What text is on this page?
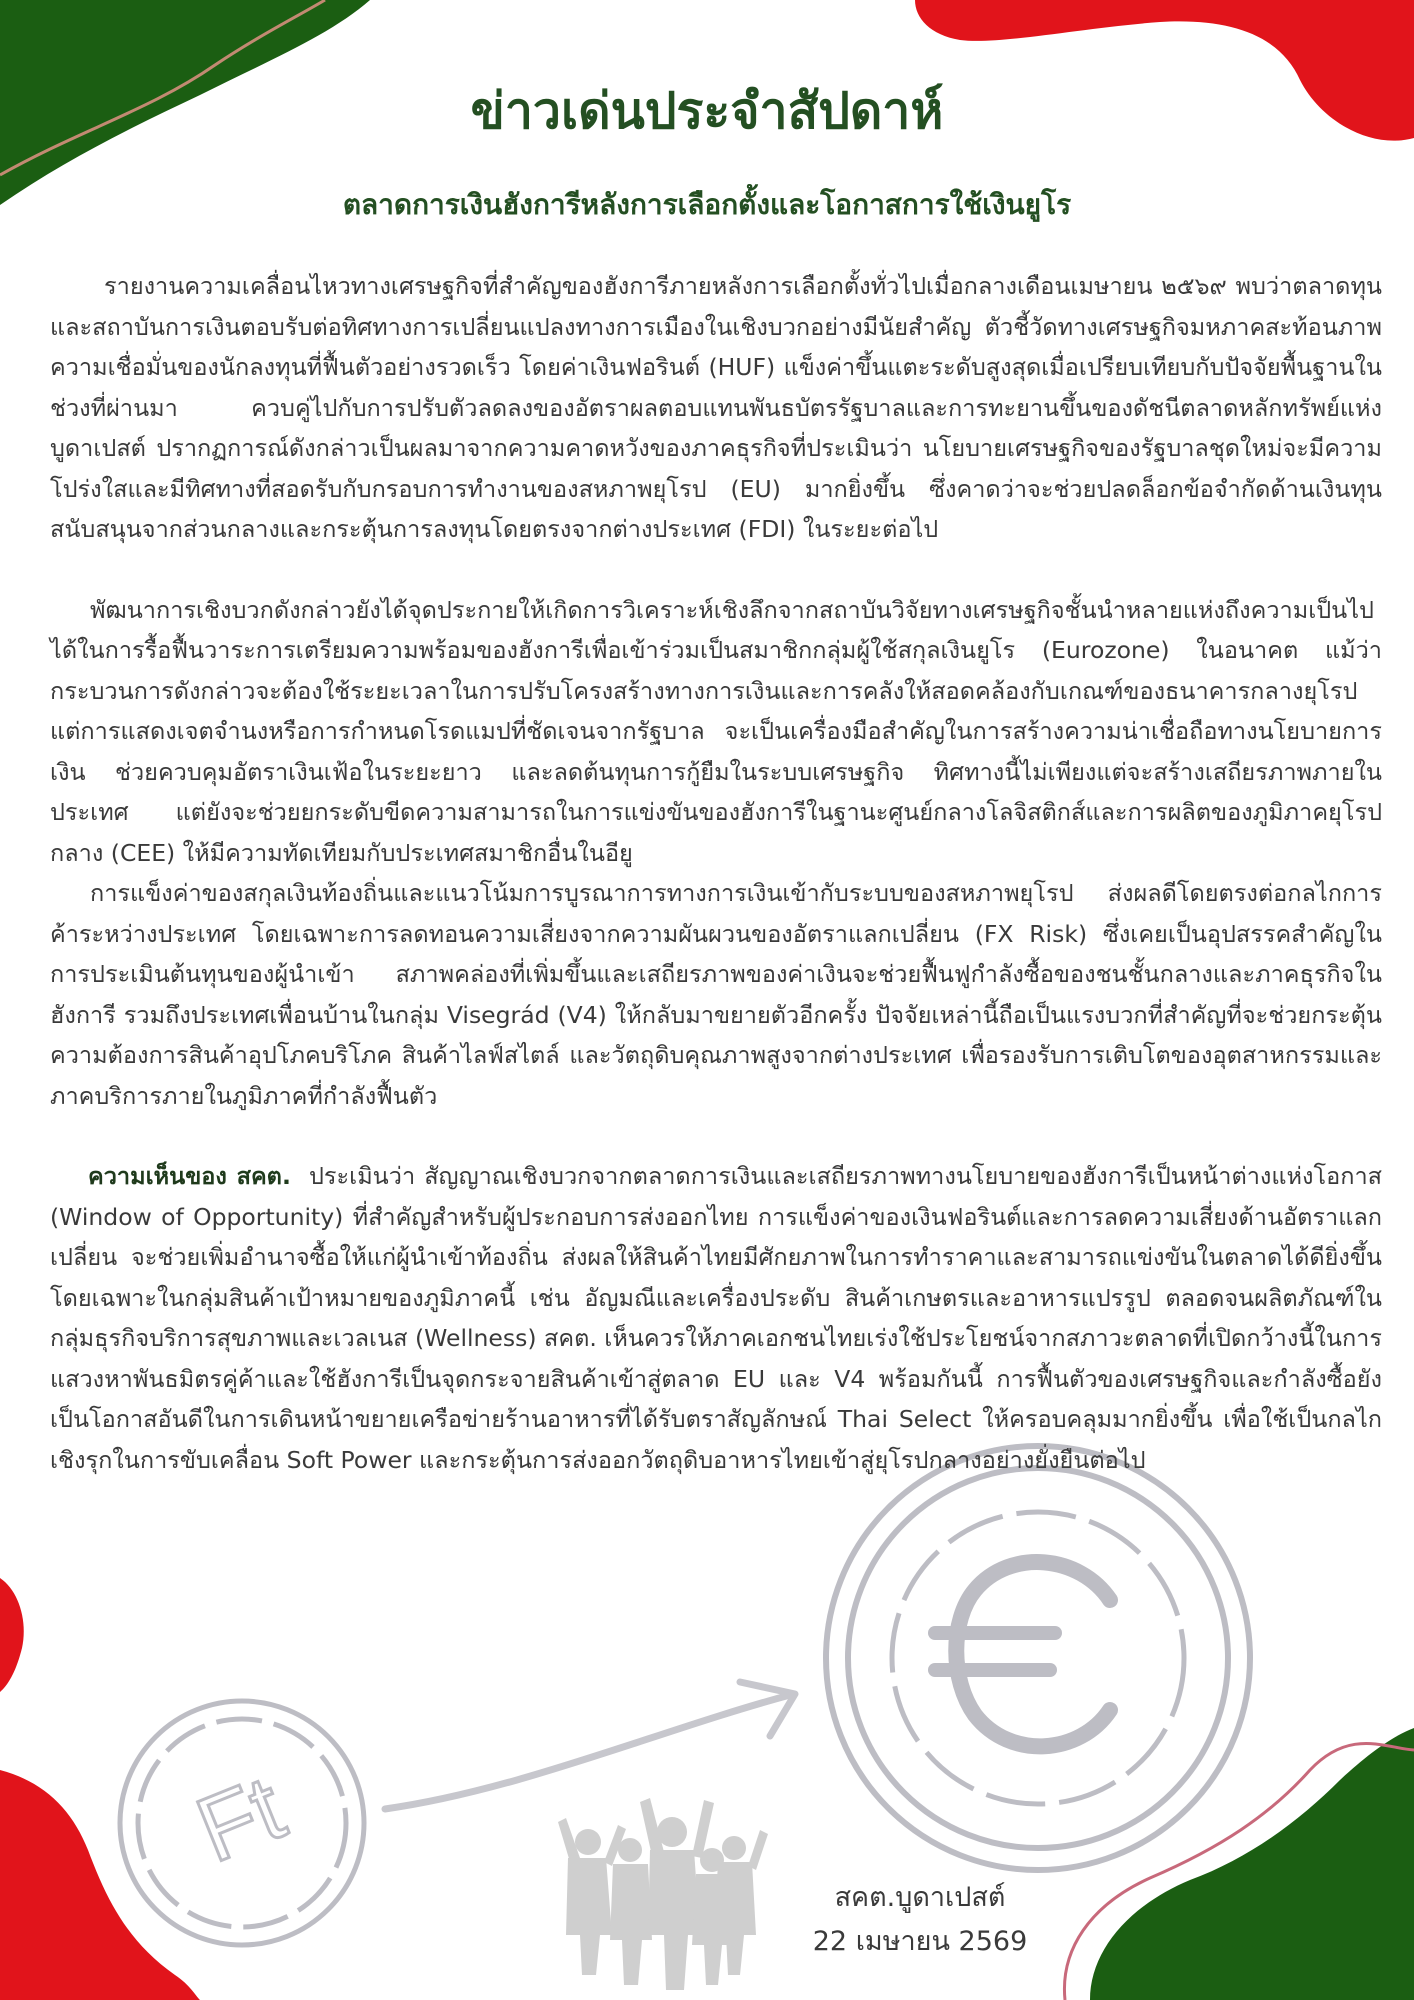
Ft
ข่าวเด่นประจำสัปดาห์
ตลาดการเงินฮังการีหลังการเลือกตั้งและโอกาสการใช้เงินยูโร

รายงานความเคลื่อนไหวทางเศรษฐกิจที่สำคัญของฮังการีภายหลังการเลือกตั้งทั่วไปเมื่อกลางเดือนเมษายน ๒๕๖๙ พบว่าตลาดทุนและสถาบันการเงินตอบรับต่อทิศทางการเปลี่ยนแปลงทางการเมืองในเชิงบวกอย่างมีนัยสำคัญ ตัวชี้วัดทางเศรษฐกิจมหภาคสะท้อนภาพความเชื่อมั่นของนักลงทุนที่ฟื้นตัวอย่างรวดเร็ว โดยค่าเงินฟอรินต์ (HUF) แข็งค่าขึ้นแตะระดับสูงสุดเมื่อเปรียบเทียบกับปัจจัยพื้นฐานในช่วงที่ผ่านมา ควบคู่ไปกับการปรับตัวลดลงของอัตราผลตอบแทนพันธบัตรรัฐบาลและการทะยานขึ้นของดัชนีตลาดหลักทรัพย์แห่งบูดาเปสต์ ปรากฏการณ์ดังกล่าวเป็นผลมาจากความคาดหวังของภาคธุรกิจที่ประเมินว่า นโยบายเศรษฐกิจของรัฐบาลชุดใหม่จะมีความโปร่งใสและมีทิศทางที่สอดรับกับกรอบการทำงานของสหภาพยุโรป (EU) มากยิ่งขึ้น ซึ่งคาดว่าจะช่วยปลดล็อกข้อจำกัดด้านเงินทุนสนับสนุนจากส่วนกลางและกระตุ้นการลงทุนโดยตรงจากต่างประเทศ (FDI) ในระยะต่อไป

พัฒนาการเชิงบวกดังกล่าวยังได้จุดประกายให้เกิดการวิเคราะห์เชิงลึกจากสถาบันวิจัยทางเศรษฐกิจชั้นนำหลายแห่งถึงความเป็นไปได้ในการรื้อฟื้นวาระการเตรียมความพร้อมของฮังการีเพื่อเข้าร่วมเป็นสมาชิกกลุ่มผู้ใช้สกุลเงินยูโร (Eurozone) ในอนาคต แม้ว่ากระบวนการดังกล่าวจะต้องใช้ระยะเวลาในการปรับโครงสร้างทางการเงินและการคลังให้สอดคล้องกับเกณฑ์ของธนาคารกลางยุโรป แต่การแสดงเจตจำนงหรือการกำหนดโรดแมปที่ชัดเจนจากรัฐบาล จะเป็นเครื่องมือสำคัญในการสร้างความน่าเชื่อถือทางนโยบายการเงิน ช่วยควบคุมอัตราเงินเฟ้อในระยะยาว และลดต้นทุนการกู้ยืมในระบบเศรษฐกิจ ทิศทางนี้ไม่เพียงแต่จะสร้างเสถียรภาพภายในประเทศ แต่ยังจะช่วยยกระดับขีดความสามารถในการแข่งขันของฮังการีในฐานะศูนย์กลางโลจิสติกส์และการผลิตของภูมิภาคยุโรปกลาง (CEE) ให้มีความทัดเทียมกับประเทศสมาชิกอื่นในอียู

การแข็งค่าของสกุลเงินท้องถิ่นและแนวโน้มการบูรณาการทางการเงินเข้ากับระบบของสหภาพยุโรป ส่งผลดีโดยตรงต่อกลไกการค้าระหว่างประเทศ โดยเฉพาะการลดทอนความเสี่ยงจากความผันผวนของอัตราแลกเปลี่ยน (FX Risk) ซึ่งเคยเป็นอุปสรรคสำคัญในการประเมินต้นทุนของผู้นำเข้า สภาพคล่องที่เพิ่มขึ้นและเสถียรภาพของค่าเงินจะช่วยฟื้นฟูกำลังซื้อของชนชั้นกลางและภาคธุรกิจในฮังการี รวมถึงประเทศเพื่อนบ้านในกลุ่ม Visegrád (V4) ให้กลับมาขยายตัวอีกครั้ง ปัจจัยเหล่านี้ถือเป็นแรงบวกที่สำคัญที่จะช่วยกระตุ้นความต้องการสินค้าอุปโภคบริโภค สินค้าไลฟ์สไตล์ และวัตถุดิบคุณภาพสูงจากต่างประเทศ เพื่อรองรับการเติบโตของอุตสาหกรรมและภาคบริการภายในภูมิภาคที่กำลังฟื้นตัว

ความเห็นของ สคต. ประเมินว่า สัญญาณเชิงบวกจากตลาดการเงินและเสถียรภาพทางนโยบายของฮังการีเป็นหน้าต่างแห่งโอกาส (Window of Opportunity) ที่สำคัญสำหรับผู้ประกอบการส่งออกไทย การแข็งค่าของเงินฟอรินต์และการลดความเสี่ยงด้านอัตราแลกเปลี่ยน จะช่วยเพิ่มอำนาจซื้อให้แก่ผู้นำเข้าท้องถิ่น ส่งผลให้สินค้าไทยมีศักยภาพในการทำราคาและสามารถแข่งขันในตลาดได้ดียิ่งขึ้น โดยเฉพาะในกลุ่มสินค้าเป้าหมายของภูมิภาคนี้ เช่น อัญมณีและเครื่องประดับ สินค้าเกษตรและอาหารแปรรูป ตลอดจนผลิตภัณฑ์ในกลุ่มธุรกิจบริการสุขภาพและเวลเนส (Wellness) สคต. เห็นควรให้ภาคเอกชนไทยเร่งใช้ประโยชน์จากสภาวะตลาดที่เปิดกว้างนี้ในการแสวงหาพันธมิตรคู่ค้าและใช้ฮังการีเป็นจุดกระจายสินค้าเข้าสู่ตลาด EU และ V4 พร้อมกันนี้ การฟื้นตัวของเศรษฐกิจและกำลังซื้อยังเป็นโอกาสอันดีในการเดินหน้าขยายเครือข่ายร้านอาหารที่ได้รับตราสัญลักษณ์ Thai Select ให้ครอบคลุมมากยิ่งขึ้น เพื่อใช้เป็นกลไกเชิงรุกในการขับเคลื่อน Soft Power และกระตุ้นการส่งออกวัตถุดิบอาหารไทยเข้าสู่ยุโรปกลางอย่างยั่งยืนต่อไป

สคต.บูดาเปสต์
22 เมษายน 2569
